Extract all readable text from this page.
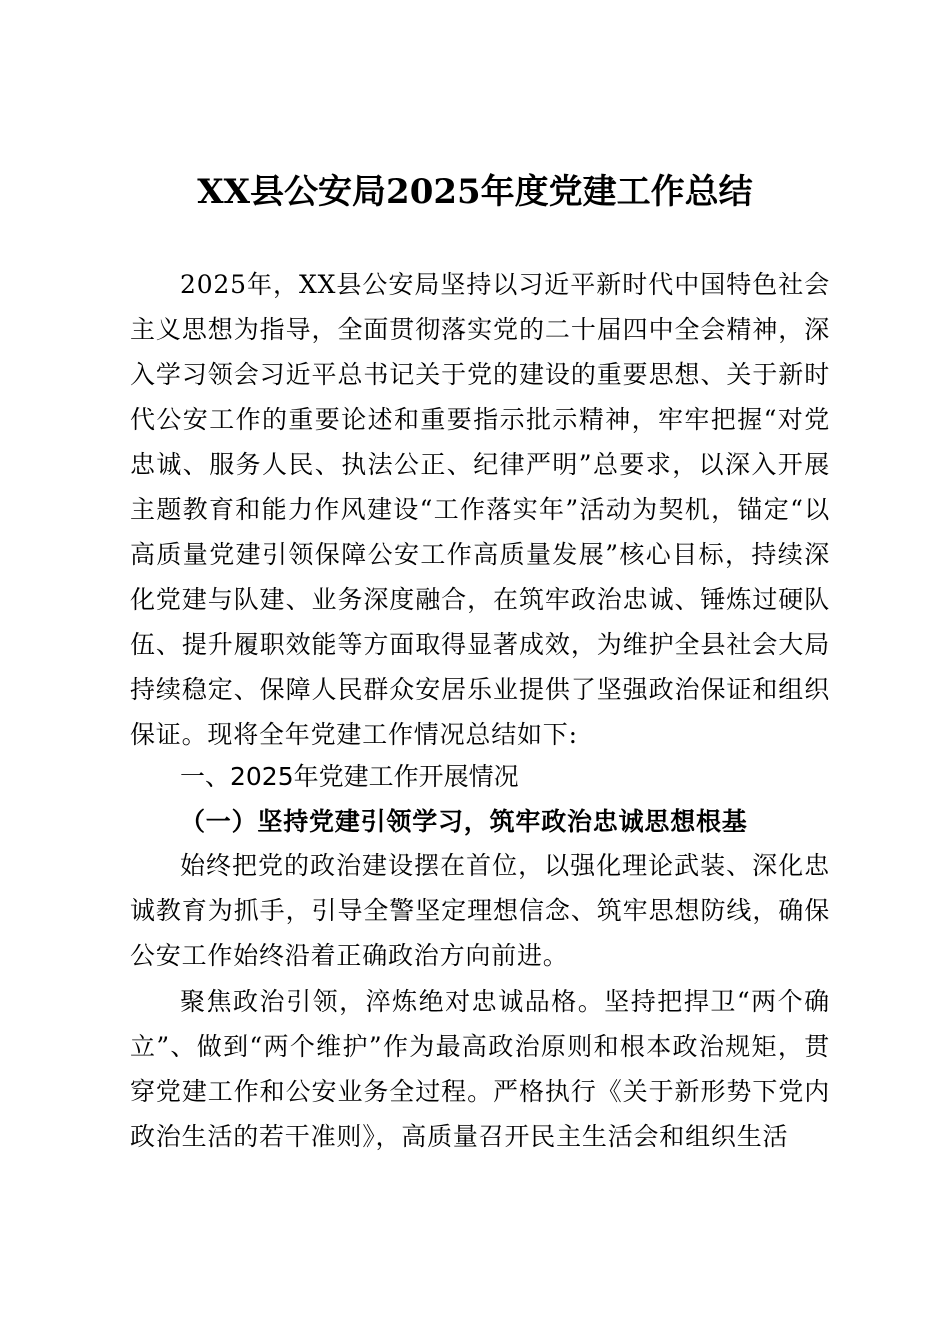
XX县公安局2025年度党建工作总结

2025年，XX县公安局坚持以习近平新时代中国特色社会主义思想为指导，全面贯彻落实党的二十届四中全会精神，深入学习领会习近平总书记关于党的建设的重要思想、关于新时代公安工作的重要论述和重要指示批示精神，牢牢把握“对党忠诚、服务人民、执法公正、纪律严明”总要求，以深入开展主题教育和能力作风建设“工作落实年”活动为契机，锚定“以高质量党建引领保障公安工作高质量发展”核心目标，持续深化党建与队建、业务深度融合，在筑牢政治忠诚、锤炼过硬队伍、提升履职效能等方面取得显著成效，为维护全县社会大局持续稳定、保障人民群众安居乐业提供了坚强政治保证和组织保证。现将全年党建工作情况总结如下:

一、2025年党建工作开展情况

（一）坚持党建引领学习，筑牢政治忠诚思想根基

始终把党的政治建设摆在首位，以强化理论武装、深化忠诚教育为抓手，引导全警坚定理想信念、筑牢思想防线，确保公安工作始终沿着正确政治方向前进。

聚焦政治引领，淬炼绝对忠诚品格。坚持把捍卫“两个确立”、做到“两个维护”作为最高政治原则和根本政治规矩，贯穿党建工作和公安业务全过程。严格执行《关于新形势下党内政治生活的若干准则》，高质量召开民主生活会和组织生活
